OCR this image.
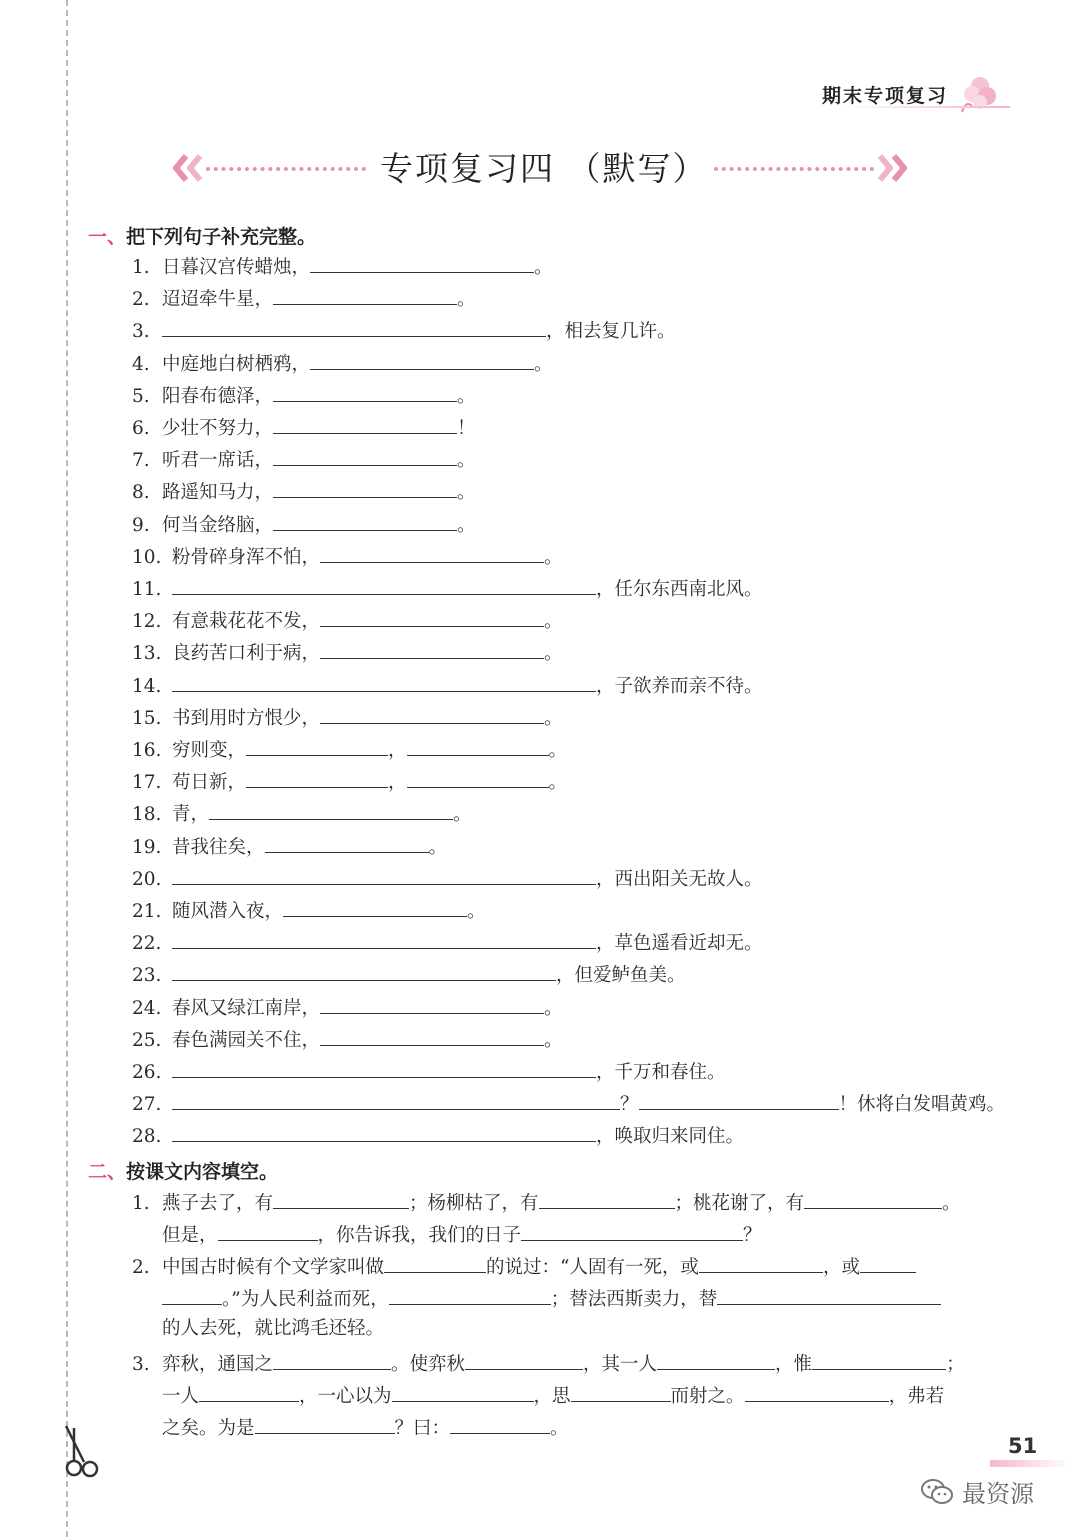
期末专项复习
专项复习四 （默写）
一、把下列句子补充完整。
1. 日暮汉宫传蜡烛，	。
2. 迢迢牵牛星，	。
3.	，相去复几许。
4. 中庭地白树栖鸦，	。
5. 阳春布德泽，	。
6. 少壮不努力，	！
7. 听君一席话，	。
8. 路遥知马力，	。
9. 何当金络脑，	。
10. 粉骨碎身浑不怕，	。
11.	，任尔东西南北风。
12. 有意栽花花不发，	。
13. 良药苦口利于病，	。
14.	，子欲养而亲不待。
15. 书到用时方恨少，	。
16. 穷则变，	，	。
17. 苟日新，	，	。
18. 青，	。
19. 昔我往矣，	。
20.	，西出阳关无故人。
21. 随风潜入夜，	。
22.	，草色遥看近却无。
23.	，但爱鲈鱼美。
24. 春风又绿江南岸，	。
25. 春色满园关不住，	。
26.	，千万和春住。
27.	？	！休将白发唱黄鸡。
28.	，唤取归来同住。
二、按课文内容填空。
1. 燕子去了，有	；杨柳枯了，有	；桃花谢了，有	。
但是，	，你告诉我，我们的日子	？
2. 中国古时候有个文学家叫做	的说过：“人固有一死，或	，或
。”为人民利益而死，	；替法西斯卖力，替
的人去死，就比鸿毛还轻。
3. 弈秋，通国之	。使弈秋	，其一人	，惟	；
一人	，一心以为	，思	而射之。	，弗若
之矣。为是	？曰：	。
51
最资源
